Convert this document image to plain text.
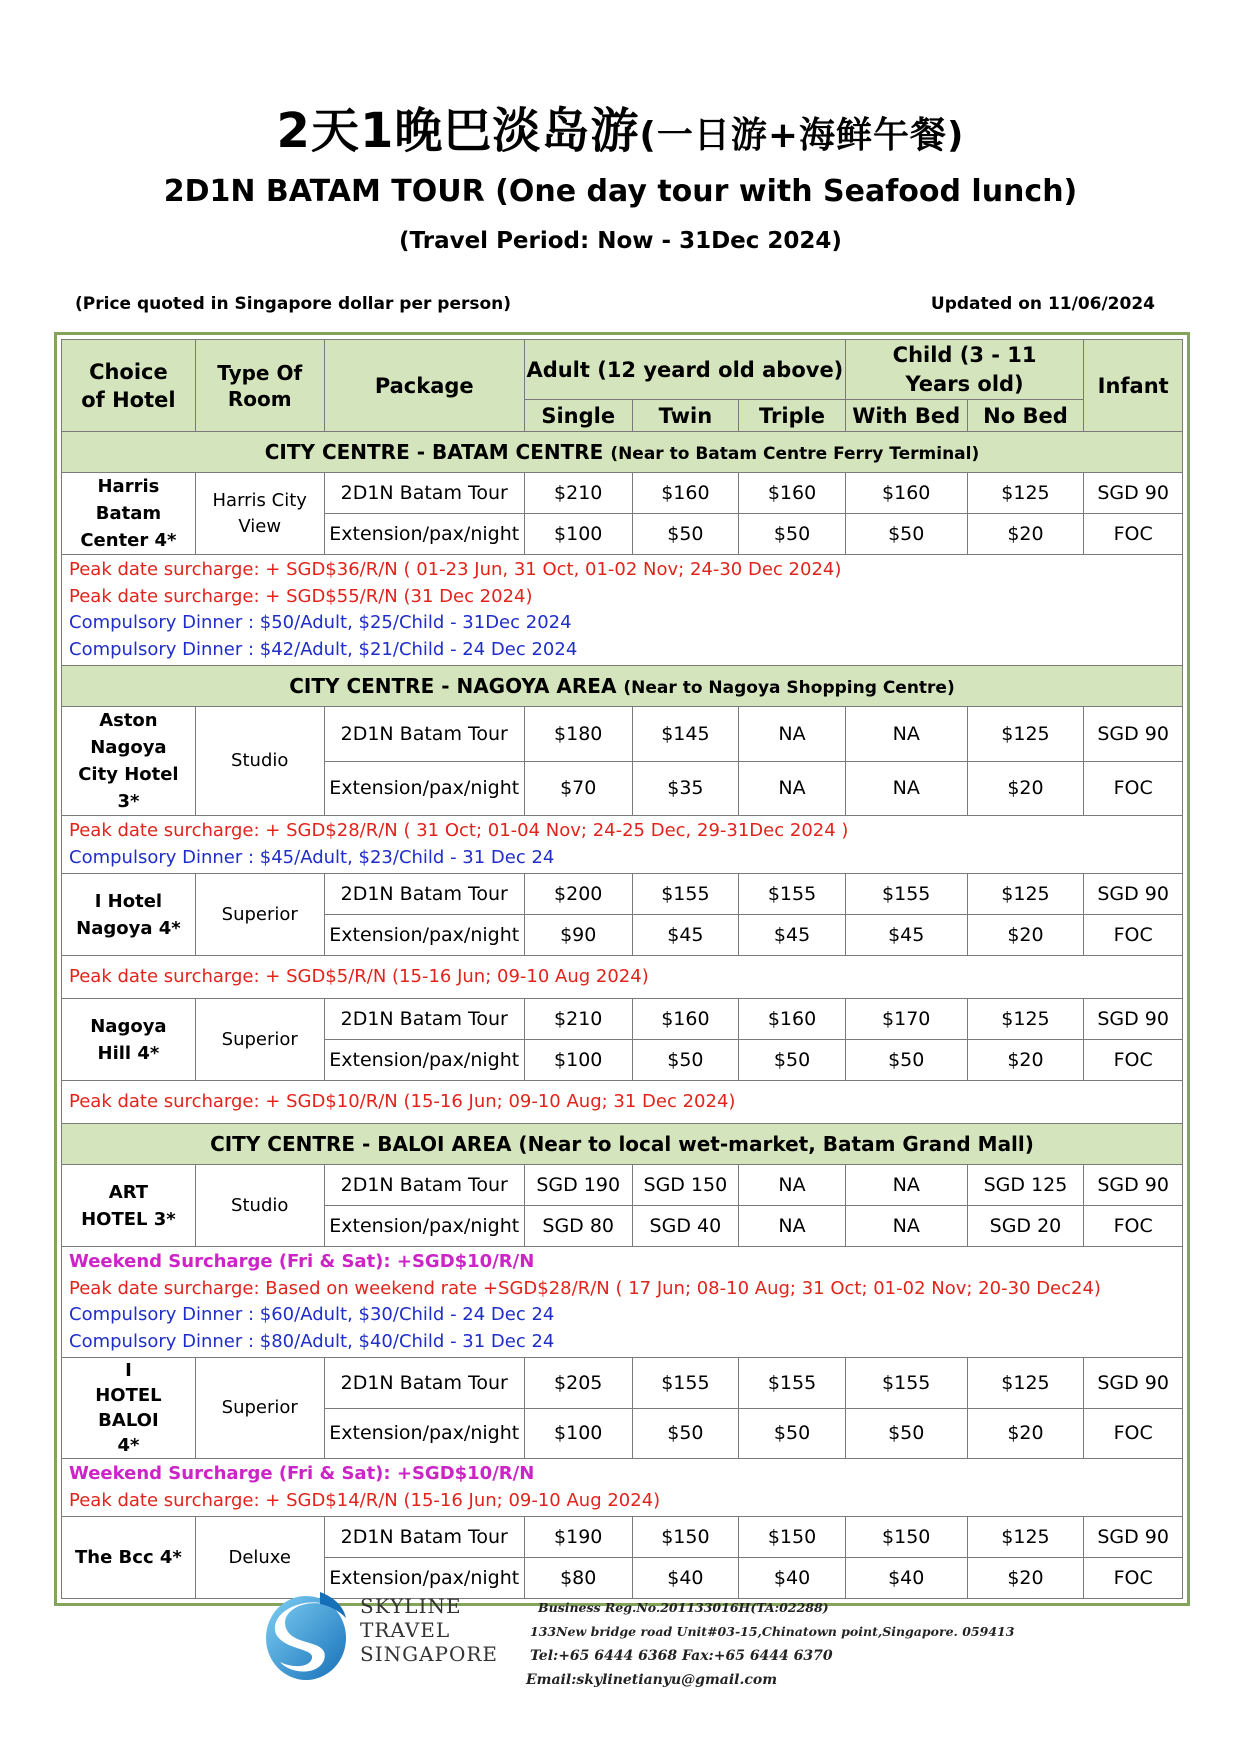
2天1晚巴淡岛游(一日游+海鲜午餐)
2D1N BATAM TOUR (One day tour with Seafood lunch)
(Travel Period: Now - 31Dec 2024)
(Price quoted in Singapore dollar per person)	Updated on 11/06/2024
Choice of Hotel	Type Of Room	Package	Adult (12 yeard old above)			Child (3 - 11 Years old)		Infant
			Single	Twin	Triple	With Bed	No Bed	
CITY CENTRE - BATAM CENTRE (Near to Batam Centre Ferry Terminal)								
Harris Batam Center 4*	Harris City View	2D1N Batam Tour	$210	$160	$160	$160	$125	SGD 90
		Extension/pax/night	$100	$50	$50	$50	$20	FOC

Peak date surcharge: + SGD$36/R/N ( 01-23 Jun, 31 Oct, 01-02 Nov; 24-30 Dec 2024)
Peak date surcharge: + SGD$55/R/N (31 Dec 2024)
Compulsory Dinner : $50/Adult, $25/Child - 31Dec 2024
Compulsory Dinner : $42/Adult, $21/Child - 24 Dec 2024								

CITY CENTRE - NAGOYA AREA (Near to Nagoya Shopping Centre)								
Aston Nagoya City Hotel 3*	Studio	2D1N Batam Tour	$180	$145	NA	NA	$125	SGD 90
		Extension/pax/night	$70	$35	NA	NA	$20	FOC

Peak date surcharge: + SGD$28/R/N ( 31 Oct; 01-04 Nov; 24-25 Dec, 29-31Dec 2024 )
Compulsory Dinner : $45/Adult, $23/Child - 31 Dec 24								

I Hotel Nagoya 4*	Superior	2D1N Batam Tour	$200	$155	$155	$155	$125	SGD 90
		Extension/pax/night	$90	$45	$45	$45	$20	FOC

Peak date surcharge: + SGD$5/R/N (15-16 Jun; 09-10 Aug 2024)								

Nagoya Hill 4*	Superior	2D1N Batam Tour	$210	$160	$160	$170	$125	SGD 90
		Extension/pax/night	$100	$50	$50	$50	$20	FOC

Peak date surcharge: + SGD$10/R/N (15-16 Jun; 09-10 Aug; 31 Dec 2024)								

CITY CENTRE - BALOI AREA (Near to local wet-market, Batam Grand Mall)								
ART HOTEL 3*	Studio	2D1N Batam Tour	SGD 190	SGD 150	NA	NA	SGD 125	SGD 90
		Extension/pax/night	SGD 80	SGD 40	NA	NA	SGD 20	FOC

Weekend Surcharge (Fri & Sat): +SGD$10/R/N
Peak date surcharge: Based on weekend rate +SGD$28/R/N ( 17 Jun; 08-10 Aug; 31 Oct; 01-02 Nov; 20-30 Dec24)
Compulsory Dinner : $60/Adult, $30/Child - 24 Dec 24
Compulsory Dinner : $80/Adult, $40/Child - 31 Dec 24								

I HOTEL BALOI 4*	Superior	2D1N Batam Tour	$205	$155	$155	$155	$125	SGD 90
		Extension/pax/night	$100	$50	$50	$50	$20	FOC

Weekend Surcharge (Fri & Sat): +SGD$10/R/N
Peak date surcharge: + SGD$14/R/N (15-16 Jun; 09-10 Aug 2024)								

The Bcc 4*	Deluxe	2D1N Batam Tour	$190	$150	$150	$150	$125	SGD 90
		Extension/pax/night	$80	$40	$40	$40	$20	FOC
SKYLINE
TRAVEL
SINGAPORE
Business Reg.No.201133016H(TA:02288)
133New bridge road Unit#03-15,Chinatown point,Singapore. 059413
Tel:+65 6444 6368 Fax:+65 6444 6370
Email:skylinetianyu@gmail.com
